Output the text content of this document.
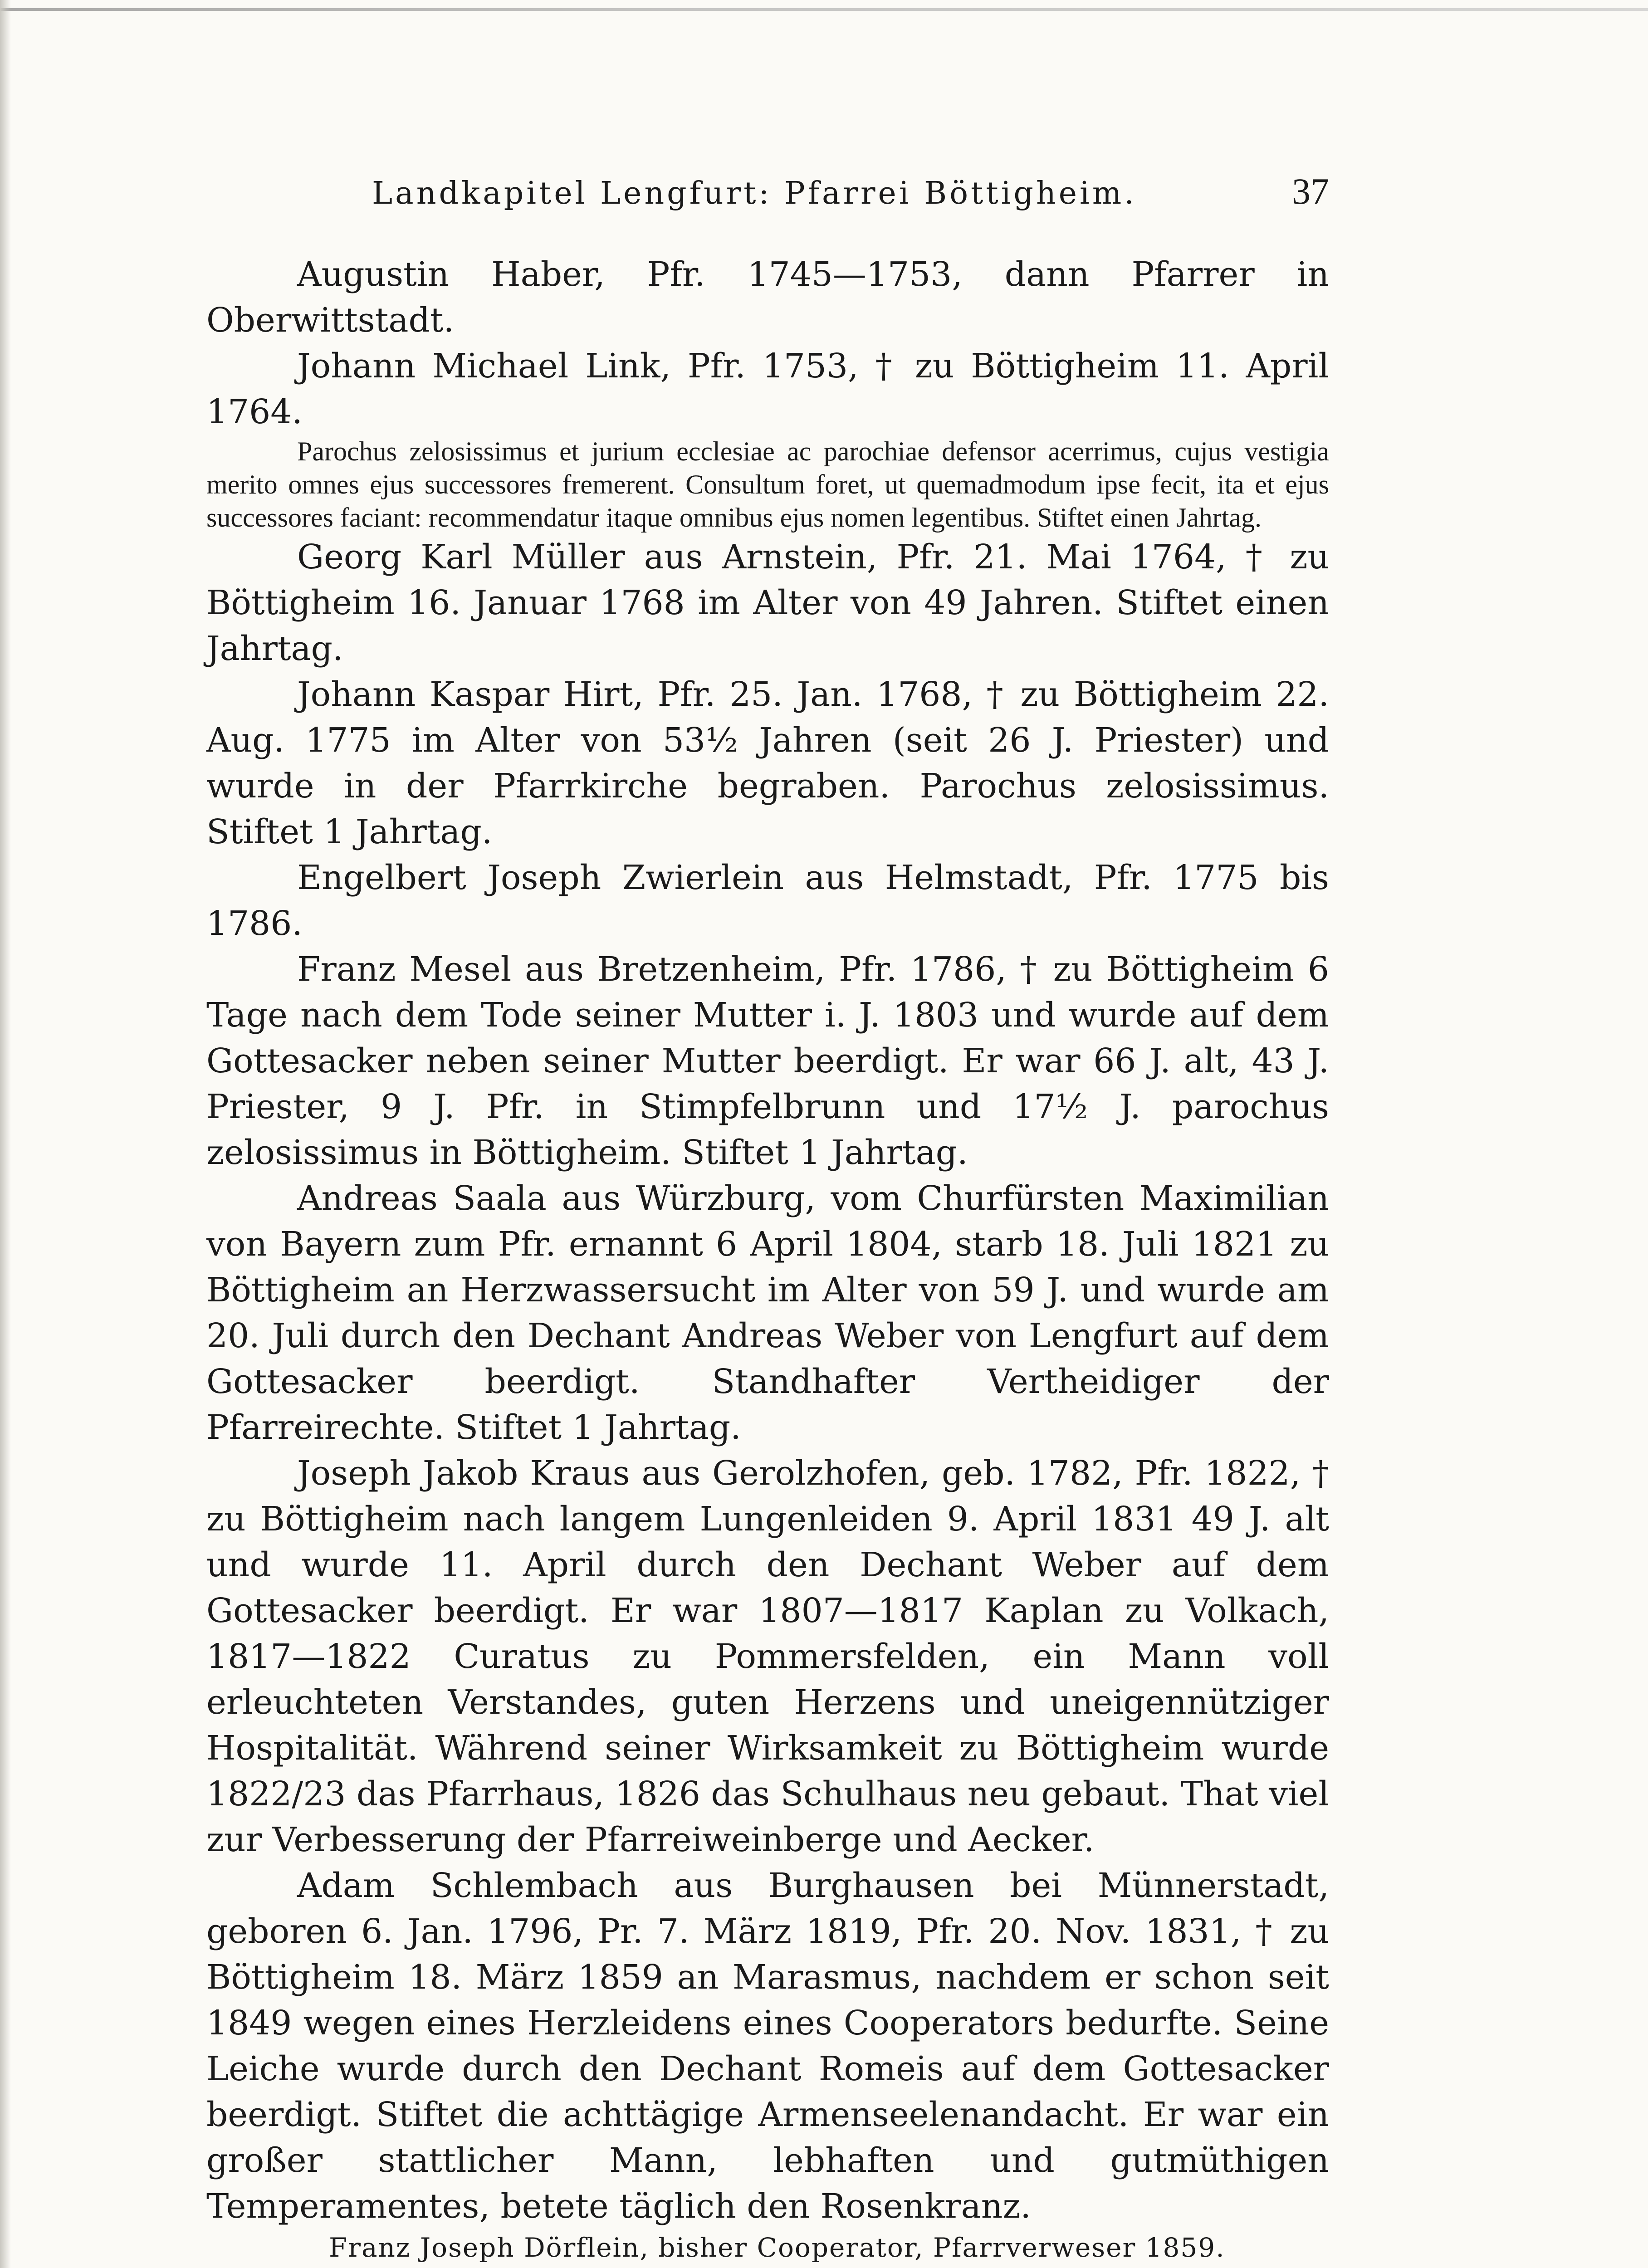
Landkapitel Lengfurt: Pfarrei Böttigheim.	37

Augustin Haber, Pfr. 1745—1753, dann Pfarrer in Oberwittstadt.

Johann Michael Link, Pfr. 1753, † zu Böttigheim 11. April 1764.

Parochus zelosissimus et jurium ecclesiae ac parochiae defensor acerrimus, cujus vestigia merito omnes ejus successores fremerent. Consultum foret, ut quemadmodum ipse fecit, ita et ejus successores faciant: recommendatur itaque omnibus ejus nomen legentibus. Stiftet einen Jahrtag.

Georg Karl Müller aus Arnstein, Pfr. 21. Mai 1764, † zu Böttigheim 16. Januar 1768 im Alter von 49 Jahren. Stiftet einen Jahrtag.

Johann Kaspar Hirt, Pfr. 25. Jan. 1768, † zu Böttigheim 22. Aug. 1775 im Alter von 53½ Jahren (seit 26 J. Priester) und wurde in der Pfarrkirche begraben. Parochus zelosissimus. Stiftet 1 Jahrtag.

Engelbert Joseph Zwierlein aus Helmstadt, Pfr. 1775 bis 1786.

Franz Mesel aus Bretzenheim, Pfr. 1786, † zu Böttigheim 6 Tage nach dem Tode seiner Mutter i. J. 1803 und wurde auf dem Gottesacker neben seiner Mutter beerdigt. Er war 66 J. alt, 43 J. Priester, 9 J. Pfr. in Stimpfelbrunn und 17½ J. parochus zelosissimus in Böttigheim. Stiftet 1 Jahrtag.

Andreas Saala aus Würzburg, vom Churfürsten Maximilian von Bayern zum Pfr. ernannt 6 April 1804, starb 18. Juli 1821 zu Böttigheim an Herzwassersucht im Alter von 59 J. und wurde am 20. Juli durch den Dechant Andreas Weber von Lengfurt auf dem Gottesacker beerdigt. Standhafter Vertheidiger der Pfarreirechte. Stiftet 1 Jahrtag.

Joseph Jakob Kraus aus Gerolzhofen, geb. 1782, Pfr. 1822, † zu Böttigheim nach langem Lungenleiden 9. April 1831 49 J. alt und wurde 11. April durch den Dechant Weber auf dem Gottesacker beerdigt. Er war 1807—1817 Kaplan zu Volkach, 1817—1822 Curatus zu Pommersfelden, ein Mann voll erleuchteten Verstandes, guten Herzens und uneigennütziger Hospitalität. Während seiner Wirksamkeit zu Böttigheim wurde 1822/23 das Pfarrhaus, 1826 das Schulhaus neu gebaut. That viel zur Verbesserung der Pfarreiweinberge und Aecker.

Adam Schlembach aus Burghausen bei Münnerstadt, geboren 6. Jan. 1796, Pr. 7. März 1819, Pfr. 20. Nov. 1831, † zu Böttigheim 18. März 1859 an Marasmus, nachdem er schon seit 1849 wegen eines Herzleidens eines Cooperators bedurfte. Seine Leiche wurde durch den Dechant Romeis auf dem Gottesacker beerdigt. Stiftet die achttägige Armenseelenandacht. Er war ein großer stattlicher Mann, lebhaften und gutmüthigen Temperamentes, betete täglich den Rosenkranz.

Franz Joseph Dörflein, bisher Cooperator, Pfarrverweser 1859.
